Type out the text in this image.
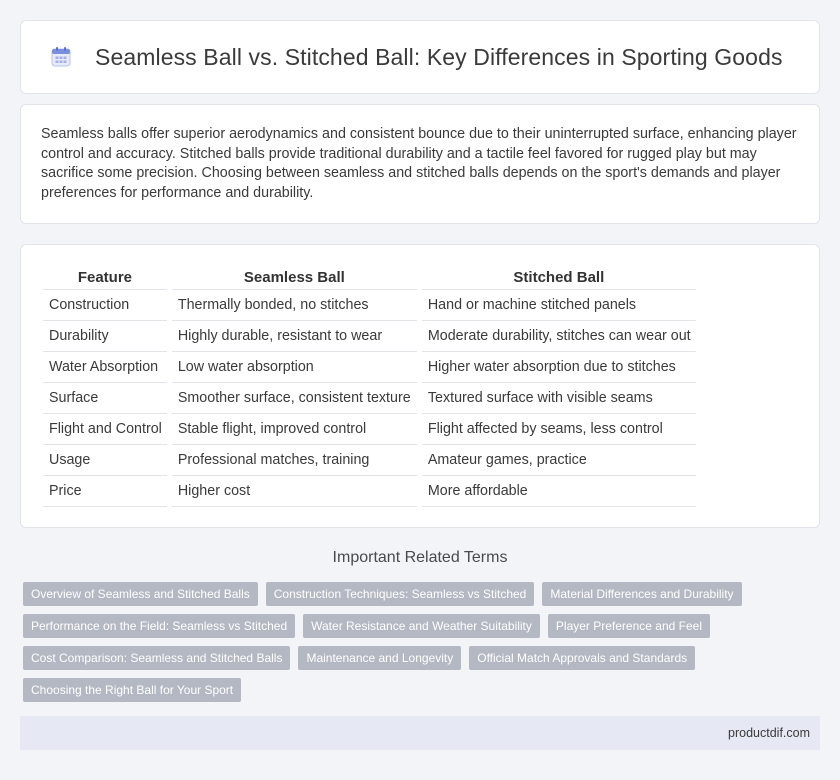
Seamless Ball vs. Stitched Ball: Key Differences in Sporting Goods

Seamless balls offer superior aerodynamics and consistent bounce due to their uninterrupted surface, enhancing player control and accuracy. Stitched balls provide traditional durability and a tactile feel favored for rugged play but may sacrifice some precision. Choosing between seamless and stitched balls depends on the sport's demands and player preferences for performance and durability.

Feature	Seamless Ball	Stitched Ball
Construction	Thermally bonded, no stitches	Hand or machine stitched panels
Durability	Highly durable, resistant to wear	Moderate durability, stitches can wear out
Water Absorption	Low water absorption	Higher water absorption due to stitches
Surface	Smoother surface, consistent texture	Textured surface with visible seams
Flight and Control	Stable flight, improved control	Flight affected by seams, less control
Usage	Professional matches, training	Amateur games, practice
Price	Higher cost	More affordable
Important Related Terms
Overview of Seamless and Stitched Balls	Construction Techniques: Seamless vs Stitched	Material Differences and Durability
Performance on the Field: Seamless vs Stitched	Water Resistance and Weather Suitability	Player Preference and Feel
Cost Comparison: Seamless and Stitched Balls	Maintenance and Longevity	Official Match Approvals and Standards
Choosing the Right Ball for Your Sport
productdif.com
